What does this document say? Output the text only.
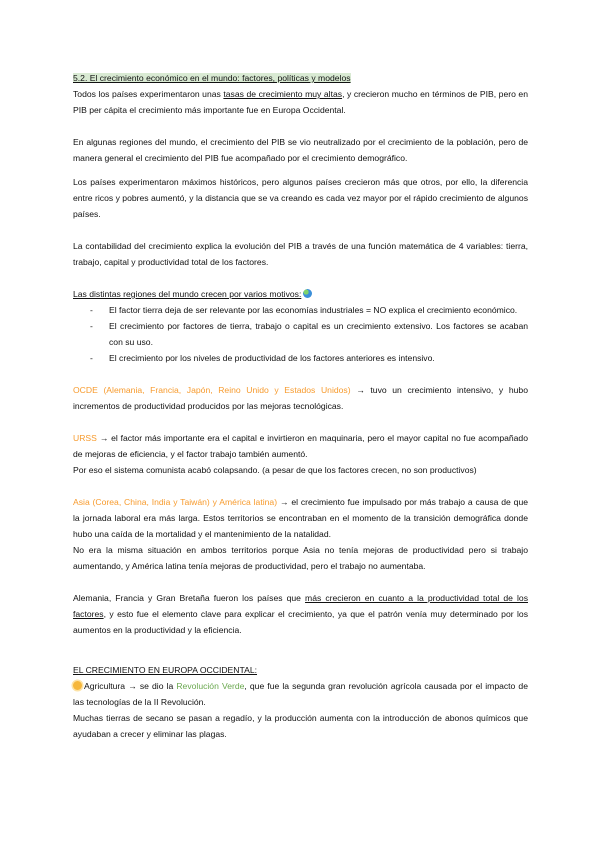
5.2. El crecimiento económico en el mundo: factores, políticas y modelos

Todos los países experimentaron unas tasas de crecimiento muy altas, y crecieron mucho en términos de PIB, pero en PIB per cápita el crecimiento más importante fue en Europa Occidental.

En algunas regiones del mundo, el crecimiento del PIB se vio neutralizado por el crecimiento de la población, pero de manera general el crecimiento del PIB fue acompañado por el crecimiento demográfico.

Los países experimentaron máximos históricos, pero algunos países crecieron más que otros, por ello, la diferencia entre ricos y pobres aumentó, y la distancia que se va creando es cada vez mayor por el rápido crecimiento de algunos países.

La contabilidad del crecimiento explica la evolución del PIB a través de una función matemática de 4 variables: tierra, trabajo, capital y productividad total de los factores.

Las distintas regiones del mundo crecen por varios motivos:

- El factor tierra deja de ser relevante por las economías industriales = NO explica el crecimiento económico.
- El crecimiento por factores de tierra, trabajo o capital es un crecimiento extensivo. Los factores se acaban con su uso.
- El crecimiento por los niveles de productividad de los factores anteriores es intensivo.

OCDE (Alemania, Francia, Japón, Reino Unido y Estados Unidos) → tuvo un crecimiento intensivo, y hubo incrementos de productividad producidos por las mejoras tecnológicas.

URSS → el factor más importante era el capital e invirtieron en maquinaria, pero el mayor capital no fue acompañado de mejoras de eficiencia, y el factor trabajo también aumentó.

Por eso el sistema comunista acabó colapsando. (a pesar de que los factores crecen, no son productivos)

Asia (Corea, China, India y Taiwán) y América latina) → el crecimiento fue impulsado por más trabajo a causa de que la jornada laboral era más larga. Estos territorios se encontraban en el momento de la transición demográfica donde hubo una caída de la mortalidad y el mantenimiento de la natalidad.

No era la misma situación en ambos territorios porque Asia no tenía mejoras de productividad pero si trabajo aumentando, y América latina tenía mejoras de productividad, pero el trabajo no aumentaba.

Alemania, Francia y Gran Bretaña fueron los países que más crecieron en cuanto a la productividad total de los factores, y esto fue el elemento clave para explicar el crecimiento, ya que el patrón venía muy determinado por los aumentos en la productividad y la eficiencia.

EL CRECIMIENTO EN EUROPA OCCIDENTAL:

Agricultura → se dio la Revolución Verde, que fue la segunda gran revolución agrícola causada por el impacto de las tecnologías de la II Revolución.

Muchas tierras de secano se pasan a regadío, y la producción aumenta con la introducción de abonos químicos que ayudaban a crecer y eliminar las plagas.
